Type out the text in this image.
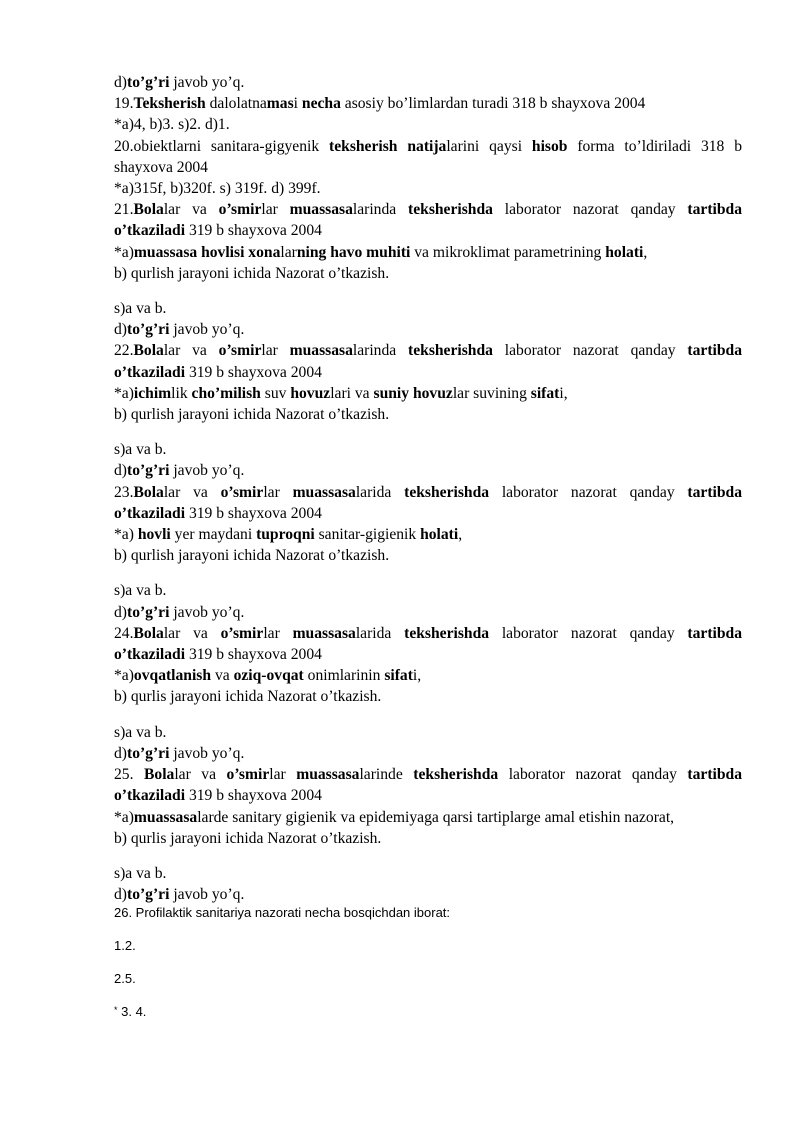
d)to’g’ri javob yo’q.

19.Teksherish dalolatnamasi necha asosiy bo’limlardan turadi 318 b shayxova 2004

*a)4, b)3. s)2. d)1.

20.obiektlarni sanitara-gigyenik teksherish natijalarini qaysi hisob forma to’ldiriladi 318 b shayxova 2004

*a)315f, b)320f. s) 319f. d) 399f.

21.Bolalar va o’smirlar muassasalarinda teksherishda laborator nazorat qanday tartibda o’tkaziladi 319 b shayxova 2004

*a)muassasa hovlisi xonalarning havo muhiti va mikroklimat parametrining holati,

b) qurlish jarayoni ichida Nazorat o’tkazish.

s)a va b.

d)to’g’ri javob yo’q.

22.Bolalar va o’smirlar muassasalarinda teksherishda laborator nazorat qanday tartibda o’tkaziladi 319 b shayxova 2004

*a)ichimlik cho’milish suv hovuzlari va suniy hovuzlar suvining sifati,

b) qurlish jarayoni ichida Nazorat o’tkazish.

s)a va b.

d)to’g’ri javob yo’q.

23.Bolalar va o’smirlar muassasalarida teksherishda laborator nazorat qanday tartibda o’tkaziladi 319 b shayxova 2004

*a) hovli yer maydani tuproqni sanitar-gigienik holati,

b) qurlish jarayoni ichida Nazorat o’tkazish.

s)a va b.

d)to’g’ri javob yo’q.

24.Bolalar va o’smirlar muassasalarida teksherishda laborator nazorat qanday tartibda o’tkaziladi 319 b shayxova 2004

*a)ovqatlanish va oziq-ovqat onimlarinin sifati,

b) qurlis jarayoni ichida Nazorat o’tkazish.

s)a va b.

d)to’g’ri javob yo’q.

25. Bolalar va o’smirlar muassasalarinde teksherishda laborator nazorat qanday tartibda o’tkaziladi 319 b shayxova 2004

*a)muassasalarde sanitary gigienik va epidemiyaga qarsi tartiplarge amal etishin nazorat,

b) qurlis jarayoni ichida Nazorat o’tkazish.

s)a va b.

d)to’g’ri javob yo’q.

26. Profilaktik sanitariya nazorati necha bosqichdan iborat:

1.2.

2.5.

* 3. 4.
